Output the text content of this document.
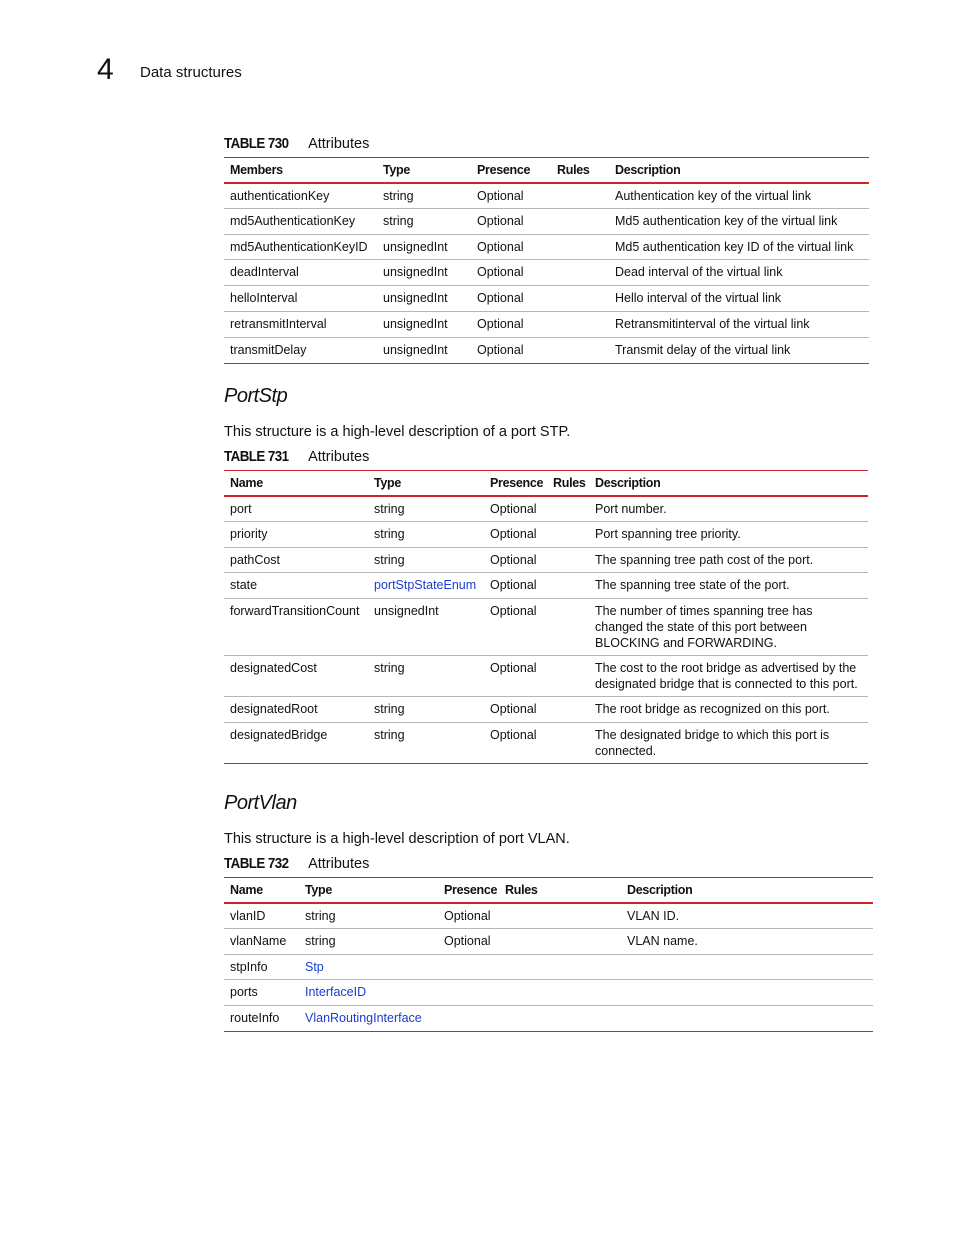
4 Data structures
TABLE 730 Attributes
Members	Type	Presence	Rules	Description
authenticationKey	string	Optional		Authentication key of the virtual link
md5AuthenticationKey	string	Optional		Md5 authentication key of the virtual link
md5AuthenticationKeyID	unsignedInt	Optional		Md5 authentication key ID of the virtual link
deadInterval	unsignedInt	Optional		Dead interval of the virtual link
helloInterval	unsignedInt	Optional		Hello interval of the virtual link
retransmitInterval	unsignedInt	Optional		Retransmitinterval of the virtual link
transmitDelay	unsignedInt	Optional		Transmit delay of the virtual link
PortStp
This structure is a high-level description of a port STP.
TABLE 731 Attributes
Name	Type	Presence	Rules	Description
port	string	Optional		Port number.
priority	string	Optional		Port spanning tree priority.
pathCost	string	Optional		The spanning tree path cost of the port.
state	portStpStateEnum	Optional		The spanning tree state of the port.
forwardTransitionCount	unsignedInt	Optional		The number of times spanning tree has changed the state of this port between BLOCKING and FORWARDING.
designatedCost	string	Optional		The cost to the root bridge as advertised by the designated bridge that is connected to this port.
designatedRoot	string	Optional		The root bridge as recognized on this port.
designatedBridge	string	Optional		The designated bridge to which this port is connected.
PortVlan
This structure is a high-level description of port VLAN.
TABLE 732 Attributes
Name	Type	Presence	Rules	Description
vlanID	string	Optional		VLAN ID.
vlanName	string	Optional		VLAN name.
stpInfo	Stp			
ports	InterfaceID			
routeInfo	VlanRoutingInterface			
